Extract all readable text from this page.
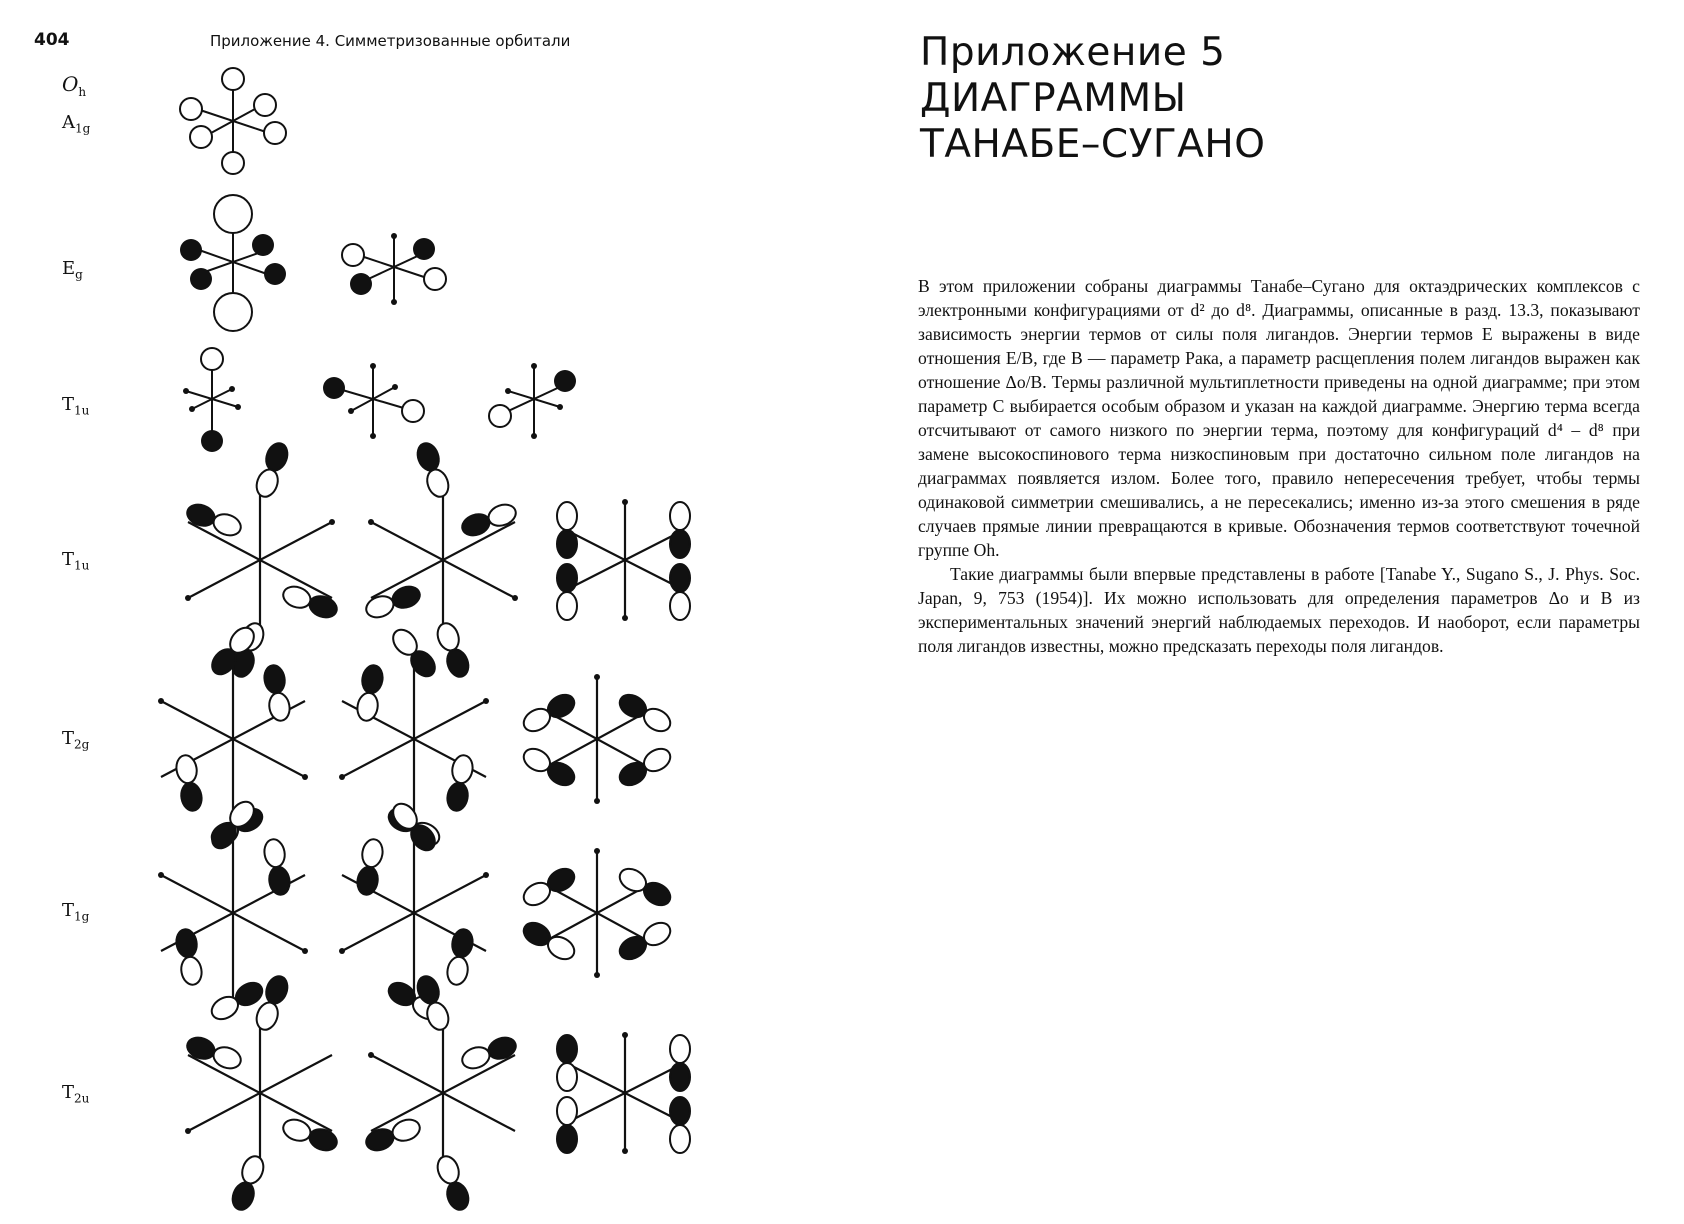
404	Приложение 4. Симметризованные орбитали
$O_h$
$A_{1g}$
$E_g$
$T_{1u}$
$T_{1u}$
$T_{2g}$
$T_{1g}$
$T_{2u}$
Приложение 5
ДИАГРАММЫ
ТАНАБЕ–СУГАНО

В этом приложении собраны диаграммы Танабе–Сугано для октаэдрических комплексов с электронными конфигурациями от d² до d⁸. Диаграммы, описанные в разд. 13.3, показывают зависимость энергии термов от силы поля лигандов. Энергии термов E выражены в виде отношения E/B, где B — параметр Рака, а параметр расщепления полем лигандов выражен как отношение Δo/B. Термы различной мультиплетности приведены на одной диаграмме; при этом параметр C выбирается особым образом и указан на каждой диаграмме. Энергию терма всегда отсчитывают от самого низкого по энергии терма, поэтому для конфигураций d⁴ – d⁸ при замене высокоспинового терма низкоспиновым при достаточно сильном поле лигандов на диаграммах появляется излом. Более того, правило непересечения требует, чтобы термы одинаковой симметрии смешивались, а не пересекались; именно из-за этого смешения в ряде случаев прямые линии превращаются в кривые. Обозначения термов соответствуют точечной группе Oh.

Такие диаграммы были впервые представлены в работе [Tanabe Y., Sugano S., J. Phys. Soc. Japan, 9, 753 (1954)]. Их можно использовать для определения параметров Δo и B из экспериментальных значений энергий наблюдаемых переходов. И наоборот, если параметры поля лигандов известны, можно предсказать переходы поля лигандов.
